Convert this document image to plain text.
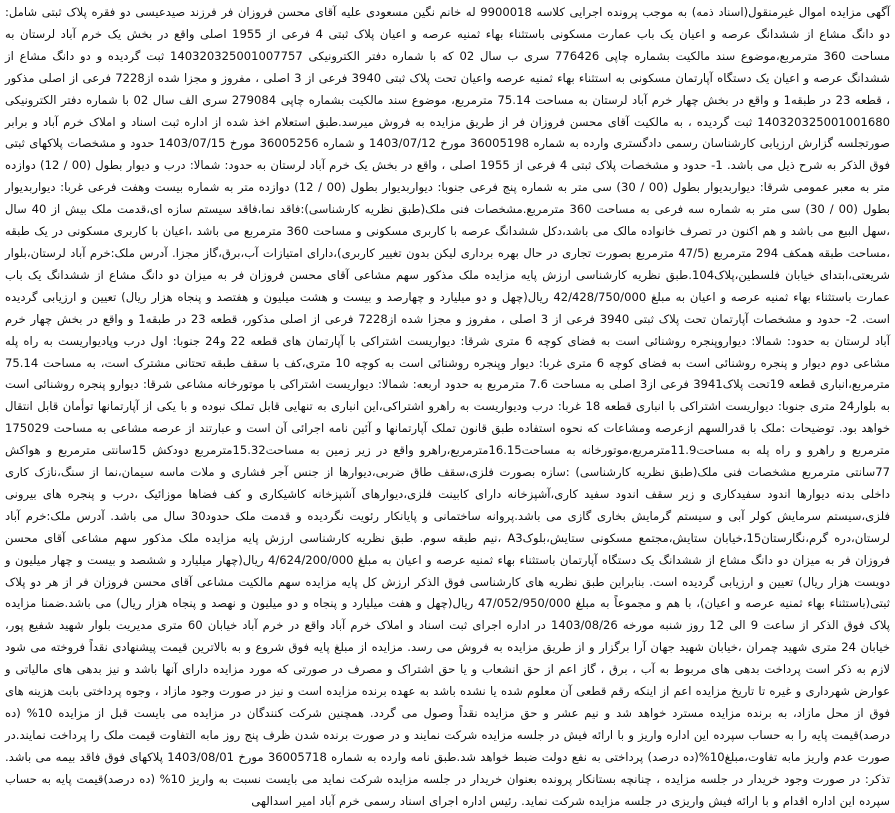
آگهی مزایده اموال غیرمنقول(اسناد ذمه) به موجب پرونده اجرایی کلاسه 9900018 له خانم نگین مسعودی علیه آقای محسن فروزان فر فرزند صیدعیسی دو فقره پلاک ثبتی شامل: دو دانگ مشاع از ششدانگ عرصه و اعیان یک باب عمارت مسکونی باستثناء بهاء ثمنیه عرصه و اعیان پلاک ثبتی 4 فرعی از 1955 اصلی واقع در بخش یک خرم آباد لرستان به مساحت 360 مترمربع،موضوع سند مالکیت بشماره چاپی 776426 سری ب سال 02 که با شماره دفتر الکترونیکی 140320325001007757 ثبت گردیده و دو دانگ مشاع از ششدانگ عرصه و اعیان یک دستگاه آپارتمان مسکونی به استثناء بهاء ثمنیه عرصه واعیان تحت پلاک ثبتی 3940 فرعی از 3 اصلی ، مفروز و مجزا شده از7228 فرعی از اصلی مذکور ، قطعه 23 در طبقه1 و واقع در بخش چهار خرم آباد لرستان به مساحت 75.14 مترمربع، موضوع سند مالکیت بشماره چاپی 279084 سری الف سال 02 با شماره دفتر الکترونیکی 140320325001001680 ثبت گردیده ، به مالکیت آقای محسن فروزان فر از طریق مزایده به فروش میرسد.طبق استعلام اخذ شده از اداره ثبت اسناد و املاک خرم آباد و برابر صورتجلسه گزارش ارزیابی کارشناسان رسمی دادگستری وارده به شماره 36005198 مورخ 1403/07/12 و شماره 36005256 مورخ 1403/07/15 حدود و مشخصات پلاکهای ثبتی فوق الذکر به شرح ذیل می باشد. 1- حدود و مشخصات پلاک ثبتی 4 فرعی از 1955 اصلی ، واقع در بخش یک خرم آباد لرستان به حدود: شمالا: درب و دیوار بطول (00 / 12) دوازده متر به معبر عمومی شرقا: دیواربدیوار بطول (00 / 30) سی متر به شماره پنج فرعی جنوبا: دیواربدیوار بطول (00 / 12) دوازده متر به شماره بیست وهفت فرعی غربا: دیواربدیوار بطول (00 / 30) سی متر به شماره سه فرعی به مساحت 360 مترمربع.مشخصات فنی ملک(طبق نظریه کارشناسی):فاقد نما،فاقد سیستم سازه ای،قدمت ملک بیش از 40 سال ،سهل البیع می باشد و هم اکنون در تصرف خانواده مالک می باشد،دکل ششدانگ عرصه با کاربری مسکونی و مساحت 360 مترمربع می باشد ،اعیان با کاربری مسکونی در یک طبقه ،مساحت طبقه همکف 294 مترمربع (47/5 مترمربع بصورت تجاری در حال بهره برداری لیکن بدون تغییر کاربری)،دارای امتیازات آب،برق،گاز مجزا. آدرس ملک:خرم آباد لرستان،بلوار شریعتی،ابتدای خیابان فلسطین،پلاک104.طبق نظریه کارشناسی ارزش پایه مزایده ملک مذکور سهم مشاعی آقای محسن فروزان فر به میزان دو دانگ مشاع از ششدانگ یک باب عمارت باستثناء بهاء ثمنیه عرصه و اعیان به مبلغ 42/428/750/000 ریال(چهل و دو میلیارد و چهارصد و بیست و هشت میلیون و هفتصد و پنجاه هزار ریال) تعیین و ارزیابی گردیده است. 2- حدود و مشخصات آپارتمان تحت پلاک ثبتی 3940 فرعی از 3 اصلی ، مفروز و مجزا شده از7228 فرعی از اصلی مذکور، قطعه 23 در طبقه1 و واقع در بخش چهار خرم آباد لرستان به حدود: شمالا: دیواروپنجره روشنائی است به فضای کوچه 6 متری شرقا: دیواریست اشتراکی با آپارتمان های قطعه 22 و24 جنوبا: اول درب وپادیواریست به راه پله مشاعی دوم دیوار و پنجره روشنائی است به فضای کوچه 6 متری غربا: دیوار وپنجره روشنائی است به کوچه 10 متری،کف با سقف طبقه تحتانی مشترک است، به مساحت 75.14 مترمربع،انباری قطعه 19تحت پلاک3941 فرعی از3 اصلی به مساحت 7.6 مترمربع به حدود اربعه: شمالا: دیواریست اشتراکی با موتورخانه مشاعی شرقا: دیوارو پنجره روشنائی است به بلوار24 متری جنوبا: دیواریست اشتراکی با انباری قطعه 18 غربا: درب ودیواریست به راهرو اشتراکی،این انباری به تنهایی قابل تملک نبوده و با یکی از آپارتمانها توأمان قابل انتقال خواهد بود. توضیحات :ملک با قدرالسهم ازعرصه ومشاعات که نحوه استفاده طبق قانون تملک آپارتمانها و آئین نامه اجرائی آن است و عبارتند از عرصه مشاعی به مساحت 175029 مترمربع و راهرو و راه پله به مساحت11.9مترمربع،موتورخانه به مساحت16.15مترمربع،راهرو واقع در زیر زمین به مساحت15.32مترمربع دودکش 15سانتی مترمربع و هواکش 77سانتی مترمربع مشخصات فنی ملک(طبق نظریه کارشناسی) :سازه بصورت فلزی،سقف طاق ضربی،دیوارها از جنس آجر فشاری و ملات ماسه سیمان،نما از سنگ،نازک کاری داخلی بدنه دیوارها اندود سفیدکاری و زیر سقف اندود سفید کاری،آشپزخانه دارای کابینت فلزی،دیوارهای آشپزخانه کاشیکاری و کف فضاها موزائیک ،درب و پنجره های بیرونی فلزی،سیستم سرمایش کولر آبی و سیستم گرمایش بخاری گازی می باشد.پروانه ساختمانی و پایانکار رئویت نگردیده و قدمت ملک حدود30 سال می باشد. آدرس ملک:خرم آباد لرستان،دره گرم،نگارستان15،خیابان ستایش،مجتمع مسکونی ستایش،بلوکA3 ،نیم طبقه سوم. طبق نظریه کارشناسی ارزش پایه مزایده ملک مذکور سهم مشاعی آقای محسن فروزان فر به میزان دو دانگ مشاع از ششدانگ یک دستگاه آپارتمان باستثناء بهاء ثمنیه عرصه و اعیان به مبلغ 4/624/200/000 ریال(چهار میلیارد و ششصد و بیست و چهار میلیون و دویست هزار ریال) تعیین و ارزیابی گردیده است. بنابراین طبق نظریه های کارشناسی فوق الذکر ارزش کل پایه مزایده سهم مالکیت مشاعی آقای محسن فروزان فر از هر دو پلاک ثبتی(باستثناء بهاء ثمنیه عرصه و اعیان)، با هم و مجموعاً به مبلغ 47/052/950/000 ریال(چهل و هفت میلیارد و پنجاه و دو میلیون و نهصد و پنجاه هزار ریال) می باشد.ضمنا مزایده پلاک فوق الذکر از ساعت 9 الی 12 روز شنبه مورخه 1403/08/26 در اداره اجرای ثبت اسناد و املاک خرم آباد واقع در خرم آباد خیابان 60 متری مدیریت بلوار شهید شفیع پور، خیابان 24 متری شهید چمران ،خیابان شهید جهان آرا برگزار و از طریق مزایده به فروش می رسد. مزایده از مبلغ پایه فوق شروع و به بالاترین قیمت پیشنهادی نقداً فروخته می شود لازم به ذکر است پرداخت بدهی های مربوط به آب ، برق ، گاز اعم از حق انشعاب و یا حق اشتراک و مصرف در صورتی که مورد مزایده دارای آنها باشد و نیز بدهی های مالیاتی و عوارض شهرداری و غیره تا تاریخ مزایده اعم از اینکه رقم قطعی آن معلوم شده یا نشده باشد به عهده برنده مزایده است و نیز در صورت وجود مازاد ، وجوه پرداختی بابت هزینه های فوق از محل مازاد، به برنده مزایده مسترد خواهد شد و نیم عشر و حق مزایده نقداً وصول می گردد. همچنین شرکت کنندگان در مزایده می بایست قبل از مزایده 10% (ده درصد)قیمت پایه را به حساب سپرده این اداره واریز و با ارائه فیش در جلسه مزایده شرکت نمایند و در صورت برنده شدن ظرف پنج روز مابه التفاوت قیمت ملک را پرداخت نمایند.در صورت عدم واریز مابه تفاوت،مبلغ10%(ده درصد) پرداختی به نفع دولت ضبط خواهد شد.طبق نامه وارده به شماره 36005718 مورخ 1403/08/01 پلاکهای فوق فاقد بیمه می باشد. تذکر: در صورت وجود خریدار در جلسه مزایده ، چنانچه بستانکار پرونده بعنوان خریدار در جلسه مزایده شرکت نماید می بایست نسبت به واریز 10% (ده درصد)قیمت پایه به حساب سپرده این اداره اقدام و با ارائه فیش واریزی در جلسه مزایده شرکت نماید. رئیس اداره اجرای اسناد رسمی خرم آباد امیر اسدالهی
